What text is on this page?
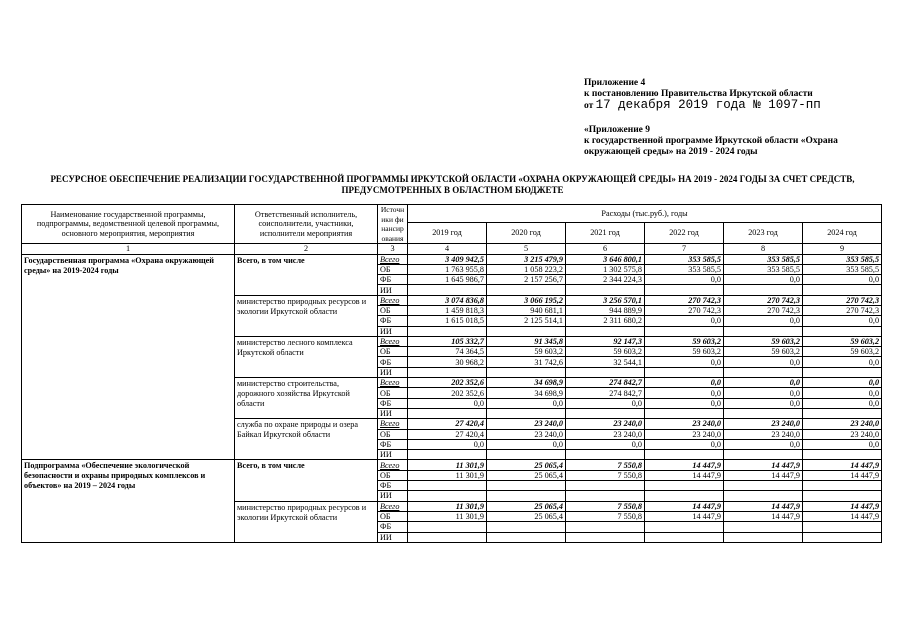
Приложение 4
к постановлению Правительства Иркутской области
от 17 декабря 2019 года № 1097-пп
«Приложение 9
к государственной программе Иркутской области «Охрана
окружающей среды» на 2019 - 2024 годы
РЕСУРСНОЕ ОБЕСПЕЧЕНИЕ РЕАЛИЗАЦИИ ГОСУДАРСТВЕННОЙ ПРОГРАММЫ ИРКУТСКОЙ ОБЛАСТИ «ОХРАНА ОКРУЖАЮЩЕЙ СРЕДЫ» НА 2019 - 2024 ГОДЫ ЗА СЧЕТ СРЕДСТВ,
ПРЕДУСМОТРЕННЫХ В ОБЛАСТНОМ БЮДЖЕТЕ
Наименование государственной программы, подпрограммы, ведомственной целевой программы, основного мероприятия, мероприятия	Ответственный исполнитель, соисполнители, участники, исполнители мероприятия	Источники финансирования	Расходы (тыс.руб.), годы					
			2019 год	2020 год	2021 год	2022 год	2023 год	2024 год
1	2	3	4	5	6	7	8	9
Государственная программа «Охрана окружающей среды» на 2019-2024 годы	Всего, в том числе	Всего	3 409 942,5	3 215 479,9	3 646 800,1	353 585,5	353 585,5	353 585,5
		ОБ	1 763 955,8	1 058 223,2	1 302 575,8	353 585,5	353 585,5	353 585,5
		ФБ	1 645 986,7	2 157 256,7	2 344 224,3	0,0	0,0	0,0
		ИИ						
	министерство природных ресурсов и экологии Иркутской области	Всего	3 074 836,8	3 066 195,2	3 256 570,1	270 742,3	270 742,3	270 742,3
		ОБ	1 459 818,3	940 681,1	944 889,9	270 742,3	270 742,3	270 742,3
		ФБ	1 615 018,5	2 125 514,1	2 311 680,2	0,0	0,0	0,0
		ИИ						
	министерство лесного комплекса Иркутской области	Всего	105 332,7	91 345,8	92 147,3	59 603,2	59 603,2	59 603,2
		ОБ	74 364,5	59 603,2	59 603,2	59 603,2	59 603,2	59 603,2
		ФБ	30 968,2	31 742,6	32 544,1	0,0	0,0	0,0
		ИИ						
	министерство строительства, дорожного хозяйства Иркутской области	Всего	202 352,6	34 698,9	274 842,7	0,0	0,0	0,0
		ОБ	202 352,6	34 698,9	274 842,7	0,0	0,0	0,0
		ФБ	0,0	0,0	0,0	0,0	0,0	0,0
		ИИ						
	служба по охране природы и озера Байкал Иркутской области	Всего	27 420,4	23 240,0	23 240,0	23 240,0	23 240,0	23 240,0
		ОБ	27 420,4	23 240,0	23 240,0	23 240,0	23 240,0	23 240,0
		ФБ	0,0	0,0	0,0	0,0	0,0	0,0
		ИИ						
Подпрограмма «Обеспечение экологической безопасности и охраны природных комплексов и объектов» на 2019 – 2024 годы	Всего, в том числе	Всего	11 301,9	25 065,4	7 550,8	14 447,9	14 447,9	14 447,9
		ОБ	11 301,9	25 065,4	7 550,8	14 447,9	14 447,9	14 447,9
		ФБ						
		ИИ						
	министерство природных ресурсов и экологии Иркутской области	Всего	11 301,9	25 065,4	7 550,8	14 447,9	14 447,9	14 447,9
		ОБ	11 301,9	25 065,4	7 550,8	14 447,9	14 447,9	14 447,9
		ФБ						
		ИИ						
